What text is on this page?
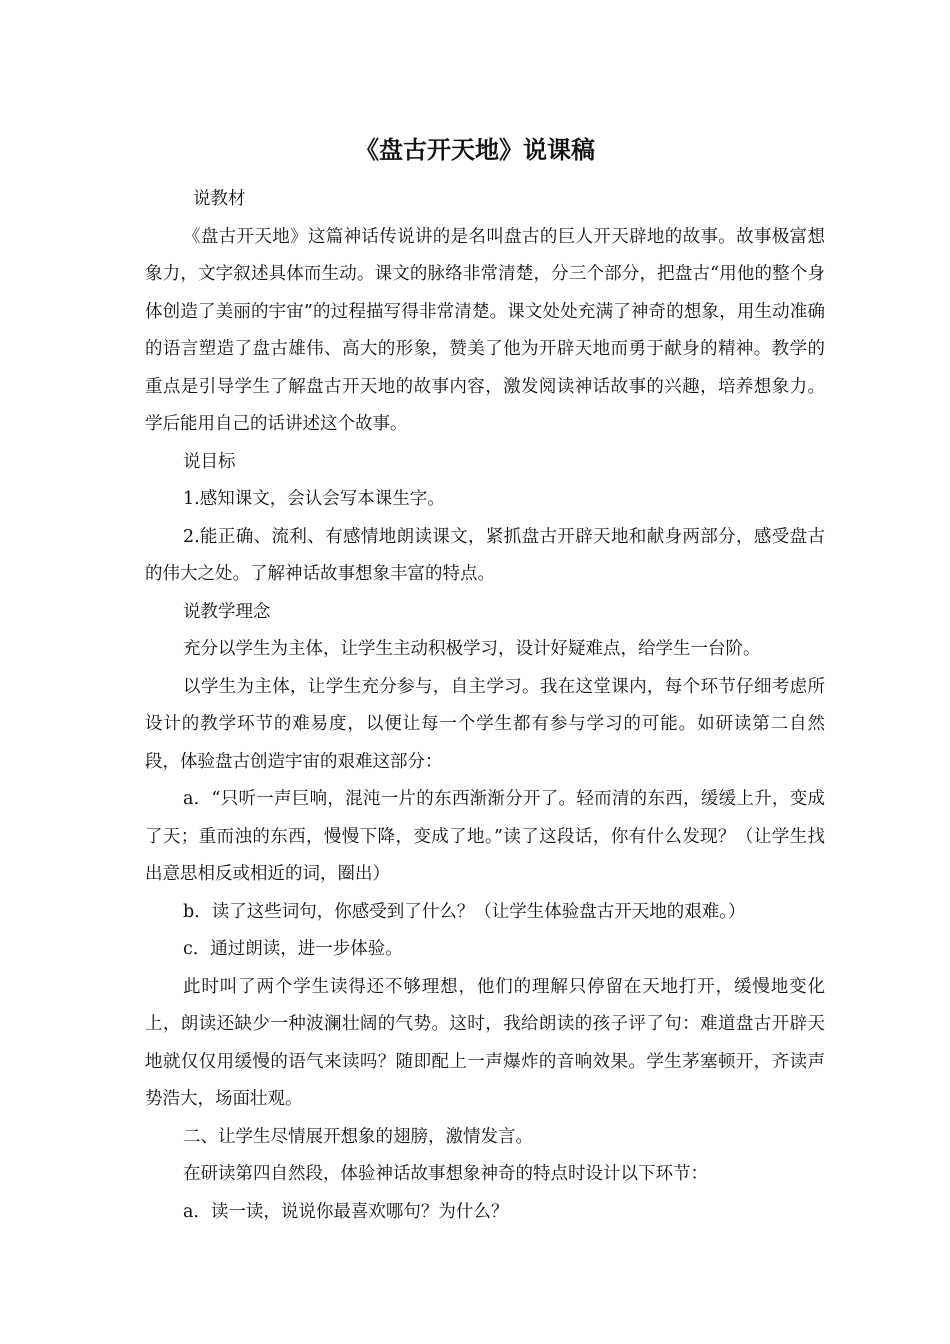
《盘古开天地》说课稿

说教材

《盘古开天地》这篇神话传说讲的是名叫盘古的巨人开天辟地的故事。故事极富想象力，文字叙述具体而生动。课文的脉络非常清楚，分三个部分，把盘古“用他的整个身体创造了美丽的宇宙”的过程描写得非常清楚。课文处处充满了神奇的想象，用生动准确的语言塑造了盘古雄伟、高大的形象，赞美了他为开辟天地而勇于献身的精神。教学的重点是引导学生了解盘古开天地的故事内容，激发阅读神话故事的兴趣，培养想象力。学后能用自己的话讲述这个故事。

说目标

1.感知课文，会认会写本课生字。

2.能正确、流利、有感情地朗读课文，紧抓盘古开辟天地和献身两部分，感受盘古的伟大之处。了解神话故事想象丰富的特点。

说教学理念

充分以学生为主体，让学生主动积极学习，设计好疑难点，给学生一台阶。

以学生为主体，让学生充分参与，自主学习。我在这堂课内，每个环节仔细考虑所设计的教学环节的难易度，以便让每一个学生都有参与学习的可能。如研读第二自然段，体验盘古创造宇宙的艰难这部分：

a．“只听一声巨响，混沌一片的东西渐渐分开了。轻而清的东西，缓缓上升，变成了天；重而浊的东西，慢慢下降，变成了地。”读了这段话，你有什么发现？（让学生找出意思相反或相近的词，圈出）

b．读了这些词句，你感受到了什么？（让学生体验盘古开天地的艰难。）

c．通过朗读，进一步体验。

此时叫了两个学生读得还不够理想，他们的理解只停留在天地打开，缓慢地变化上，朗读还缺少一种波澜壮阔的气势。这时，我给朗读的孩子评了句：难道盘古开辟天地就仅仅用缓慢的语气来读吗？随即配上一声爆炸的音响效果。学生茅塞顿开，齐读声势浩大，场面壮观。

二、让学生尽情展开想象的翅膀，激情发言。

在研读第四自然段，体验神话故事想象神奇的特点时设计以下环节：

a．读一读，说说你最喜欢哪句？为什么？
